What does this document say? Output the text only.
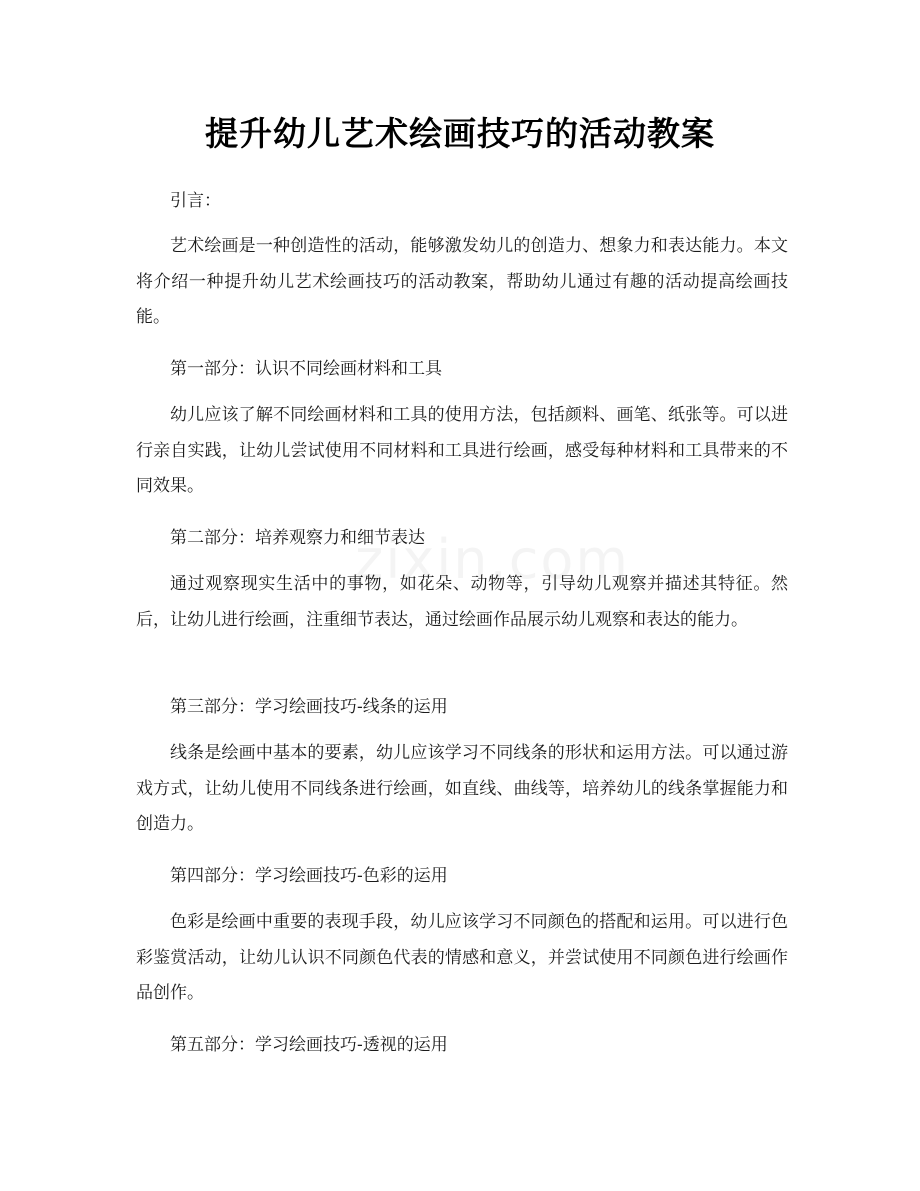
提升幼儿艺术绘画技巧的活动教案

引言：

艺术绘画是一种创造性的活动，能够激发幼儿的创造力、想象力和表达能力。本文将介绍一种提升幼儿艺术绘画技巧的活动教案，帮助幼儿通过有趣的活动提高绘画技能。

第一部分：认识不同绘画材料和工具

幼儿应该了解不同绘画材料和工具的使用方法，包括颜料、画笔、纸张等。可以进行亲自实践，让幼儿尝试使用不同材料和工具进行绘画，感受每种材料和工具带来的不同效果。

第二部分：培养观察力和细节表达

通过观察现实生活中的事物，如花朵、动物等，引导幼儿观察并描述其特征。然后，让幼儿进行绘画，注重细节表达，通过绘画作品展示幼儿观察和表达的能力。

第三部分：学习绘画技巧-线条的运用

线条是绘画中基本的要素，幼儿应该学习不同线条的形状和运用方法。可以通过游戏方式，让幼儿使用不同线条进行绘画，如直线、曲线等，培养幼儿的线条掌握能力和创造力。

第四部分：学习绘画技巧-色彩的运用

色彩是绘画中重要的表现手段，幼儿应该学习不同颜色的搭配和运用。可以进行色彩鉴赏活动，让幼儿认识不同颜色代表的情感和意义，并尝试使用不同颜色进行绘画作品创作。

第五部分：学习绘画技巧-透视的运用
